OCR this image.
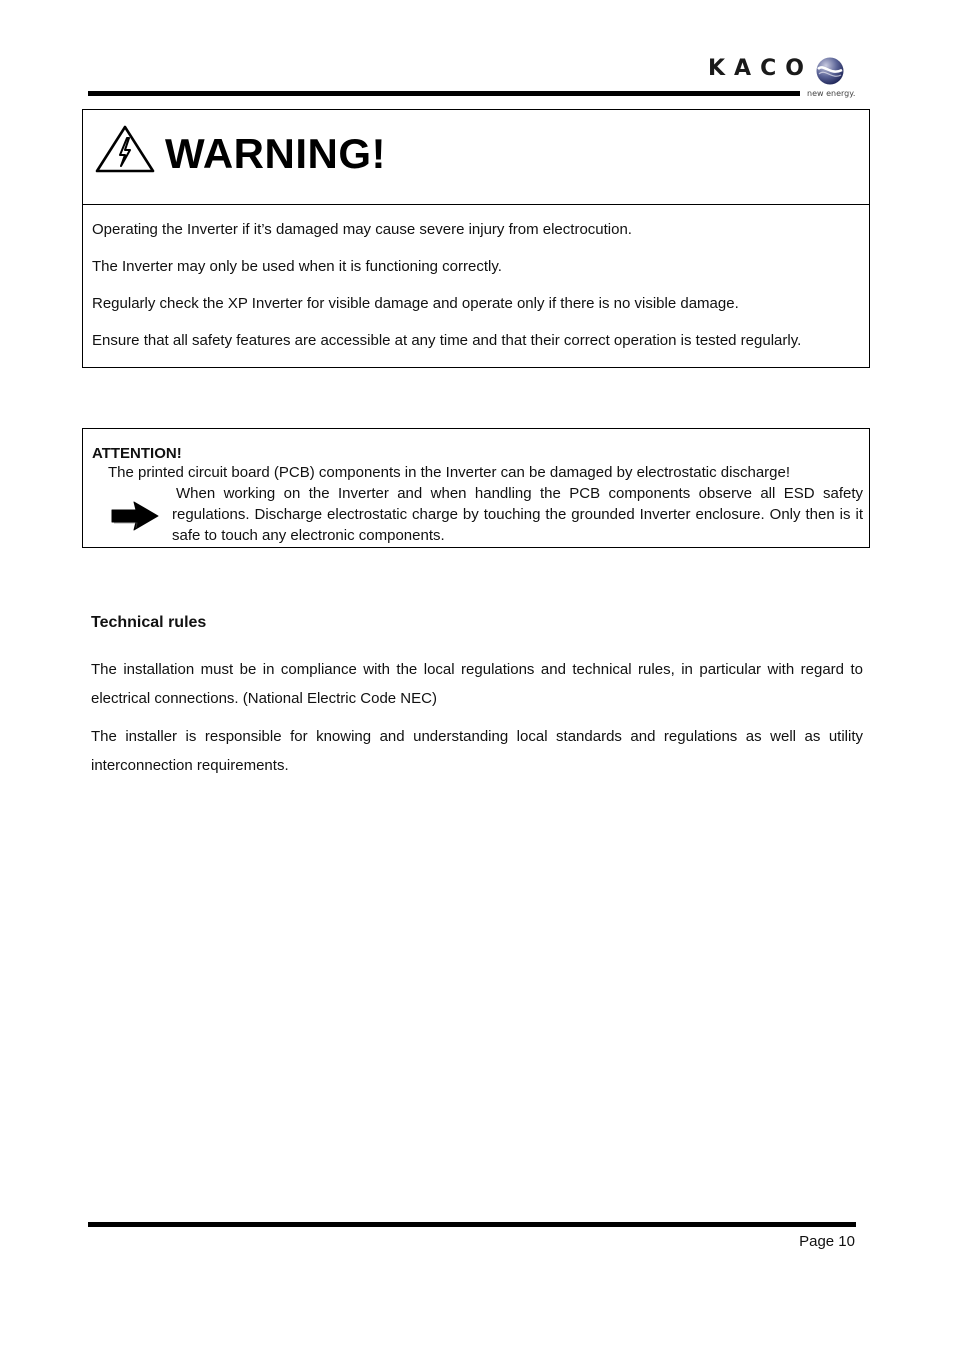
KACO
new energy.
WARNING!

Operating the Inverter if it’s damaged may cause severe injury from electrocution.

The Inverter may only be used when it is functioning correctly.

Regularly check the XP Inverter for visible damage and operate only if there is no visible damage.

Ensure that all safety features are accessible at any time and that their correct operation is tested regularly.

ATTENTION!
The printed circuit board (PCB) components in the Inverter can be damaged by electrostatic discharge!
When working on the Inverter and when handling the PCB components observe all ESD safety regulations. Discharge electrostatic charge by touching the grounded Inverter enclosure. Only then is it safe to touch any electronic components.
Technical rules
The installation must be in compliance with the local regulations and technical rules, in particular with regard to electrical connections. (National Electric Code NEC)
The installer is responsible for knowing and understanding local standards and regulations as well as utility interconnection requirements.
Page 10
